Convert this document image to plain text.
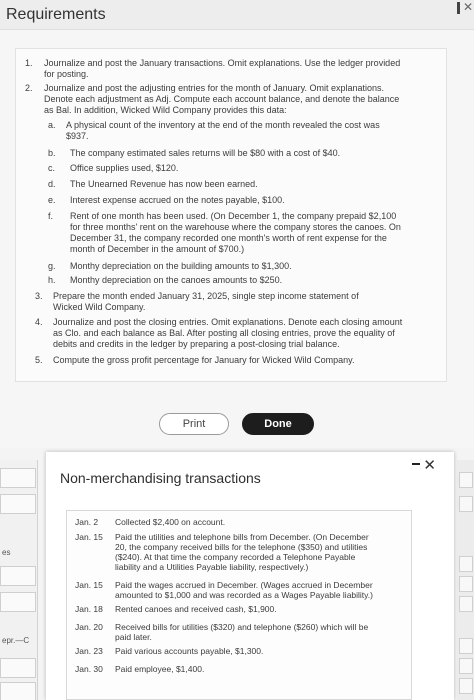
Requirements	✕
1. Journalize and post the January transactions. Omit explanations. Use the ledger provided
for posting.
2. Journalize and post the adjusting entries for the month of January. Omit explanations.
Denote each adjustment as Adj. Compute each account balance, and denote the balance
as Bal. In addition, Wicked Wild Company provides this data:
a. A physical count of the inventory at the end of the month revealed the cost was
$937.
b. The company estimated sales returns will be $80 with a cost of $40.
c. Office supplies used, $120.
d. The Unearned Revenue has now been earned.
e. Interest expense accrued on the notes payable, $100.
f. Rent of one month has been used. (On December 1, the company prepaid $2,100
for three months' rent on the warehouse where the company stores the canoes. On
December 31, the company recorded one month's worth of rent expense for the
month of December in the amount of $700.)
g. Monthy depreciation on the building amounts to $1,300.
h. Monthy depreciation on the canoes amounts to $250.
3. Prepare the month ended January 31, 2025, single step income statement of
Wicked Wild Company.
4. Journalize and post the closing entries. Omit explanations. Denote each closing amount
as Clo. and each balance as Bal. After posting all closing entries, prove the equality of
debits and credits in the ledger by preparing a post-closing trial balance.
5. Compute the gross profit percentage for January for Wicked Wild Company.
Print	Done
es
epr.—C
Non-merchandising transactions
✕
Jan. 2 Collected $2,400 on account.
Jan. 15 Paid the utilities and telephone bills from December. (On December
20, the company received bills for the telephone ($350) and utilities
($240). At that time the company recorded a Telephone Payable
liability and a Utilities Payable liability, respectively.)
Jan. 15 Paid the wages accrued in December. (Wages accrued in December
amounted to $1,000 and was recorded as a Wages Payable liability.)
Jan. 18 Rented canoes and received cash, $1,900.
Jan. 20 Received bills for utilities ($320) and telephone ($260) which will be
paid later.
Jan. 23 Paid various accounts payable, $1,300.
Jan. 30 Paid employee, $1,400.
